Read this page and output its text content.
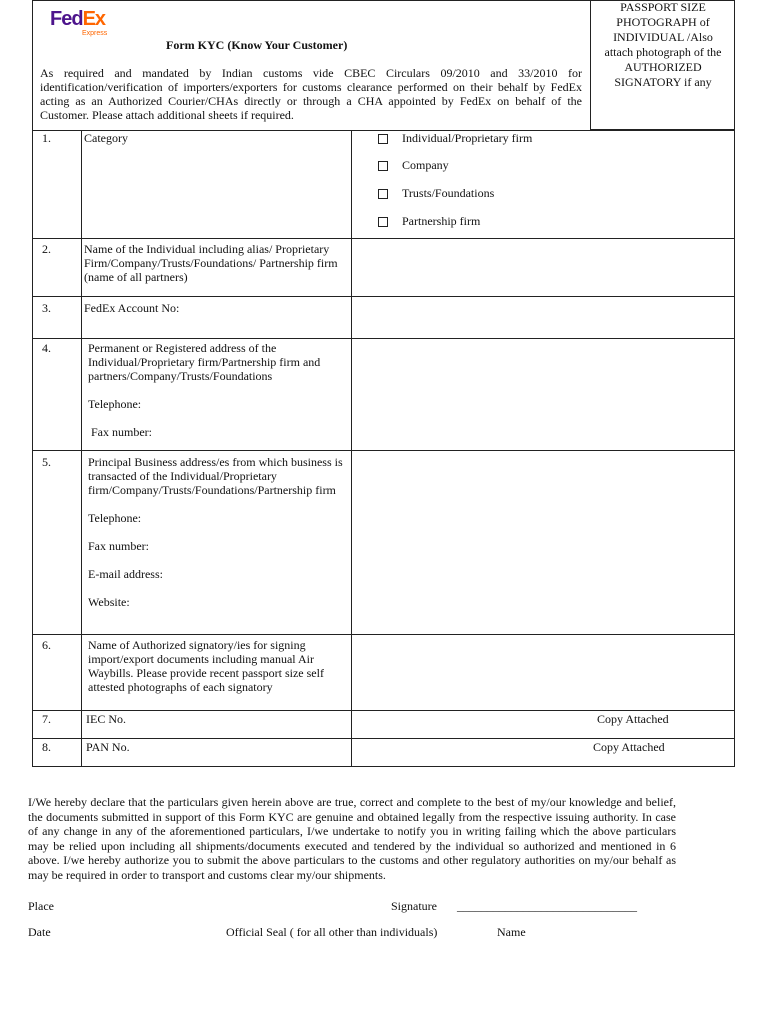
FedEx
Express
Form KYC (Know Your Customer)
As required and mandated by Indian customs vide CBEC Circulars 09/2010 and 33/2010 for identification/verification of importers/exporters for customs clearance performed on their behalf by FedEx acting as an Authorized Courier/CHAs directly or through a CHA appointed by FedEx on behalf of the Customer. Please attach additional sheets if required.
PASSPORT SIZE
PHOTOGRAPH of
INDIVIDUAL /Also
attach photograph of the
AUTHORIZED
SIGNATORY if any
1.	Category	Individual/Proprietary firm
Company
Trusts/Foundations
Partnership firm
2.	Name of the Individual including alias/ Proprietary Firm/Company/Trusts/Foundations/ Partnership firm (name of all partners)
3.	FedEx Account No:
4.	Permanent or Registered address of the Individual/Proprietary firm/Partnership firm and partners/Company/Trusts/Foundations

Telephone:

Fax number:

5.	Principal Business address/es from which business is transacted of the Individual/Proprietary firm/Company/Trusts/Foundations/Partnership firm

Telephone:

Fax number:

E-mail address:

Website:

6.	Name of Authorized signatory/ies for signing import/export documents including manual Air Waybills. Please provide recent passport size self attested photographs of each signatory
7.	IEC No.	Copy Attached
8.	PAN No.	Copy Attached
I/We hereby declare that the particulars given herein above are true, correct and complete to the best of my/our knowledge and belief, the documents submitted in support of this Form KYC are genuine and obtained legally from the respective issuing authority. In case of any change in any of the aforementioned particulars, I/we undertake to notify you in writing failing which the above particulars may be relied upon including all shipments/documents executed and tendered by the individual so authorized and mentioned in 6 above. I/we hereby authorize you to submit the above particulars to the customs and other regulatory authorities on my/our behalf as may be required in order to transport and customs clear my/our shipments.
Place	Signature ______________________________
Date	Official Seal ( for all other than individuals)	Name
